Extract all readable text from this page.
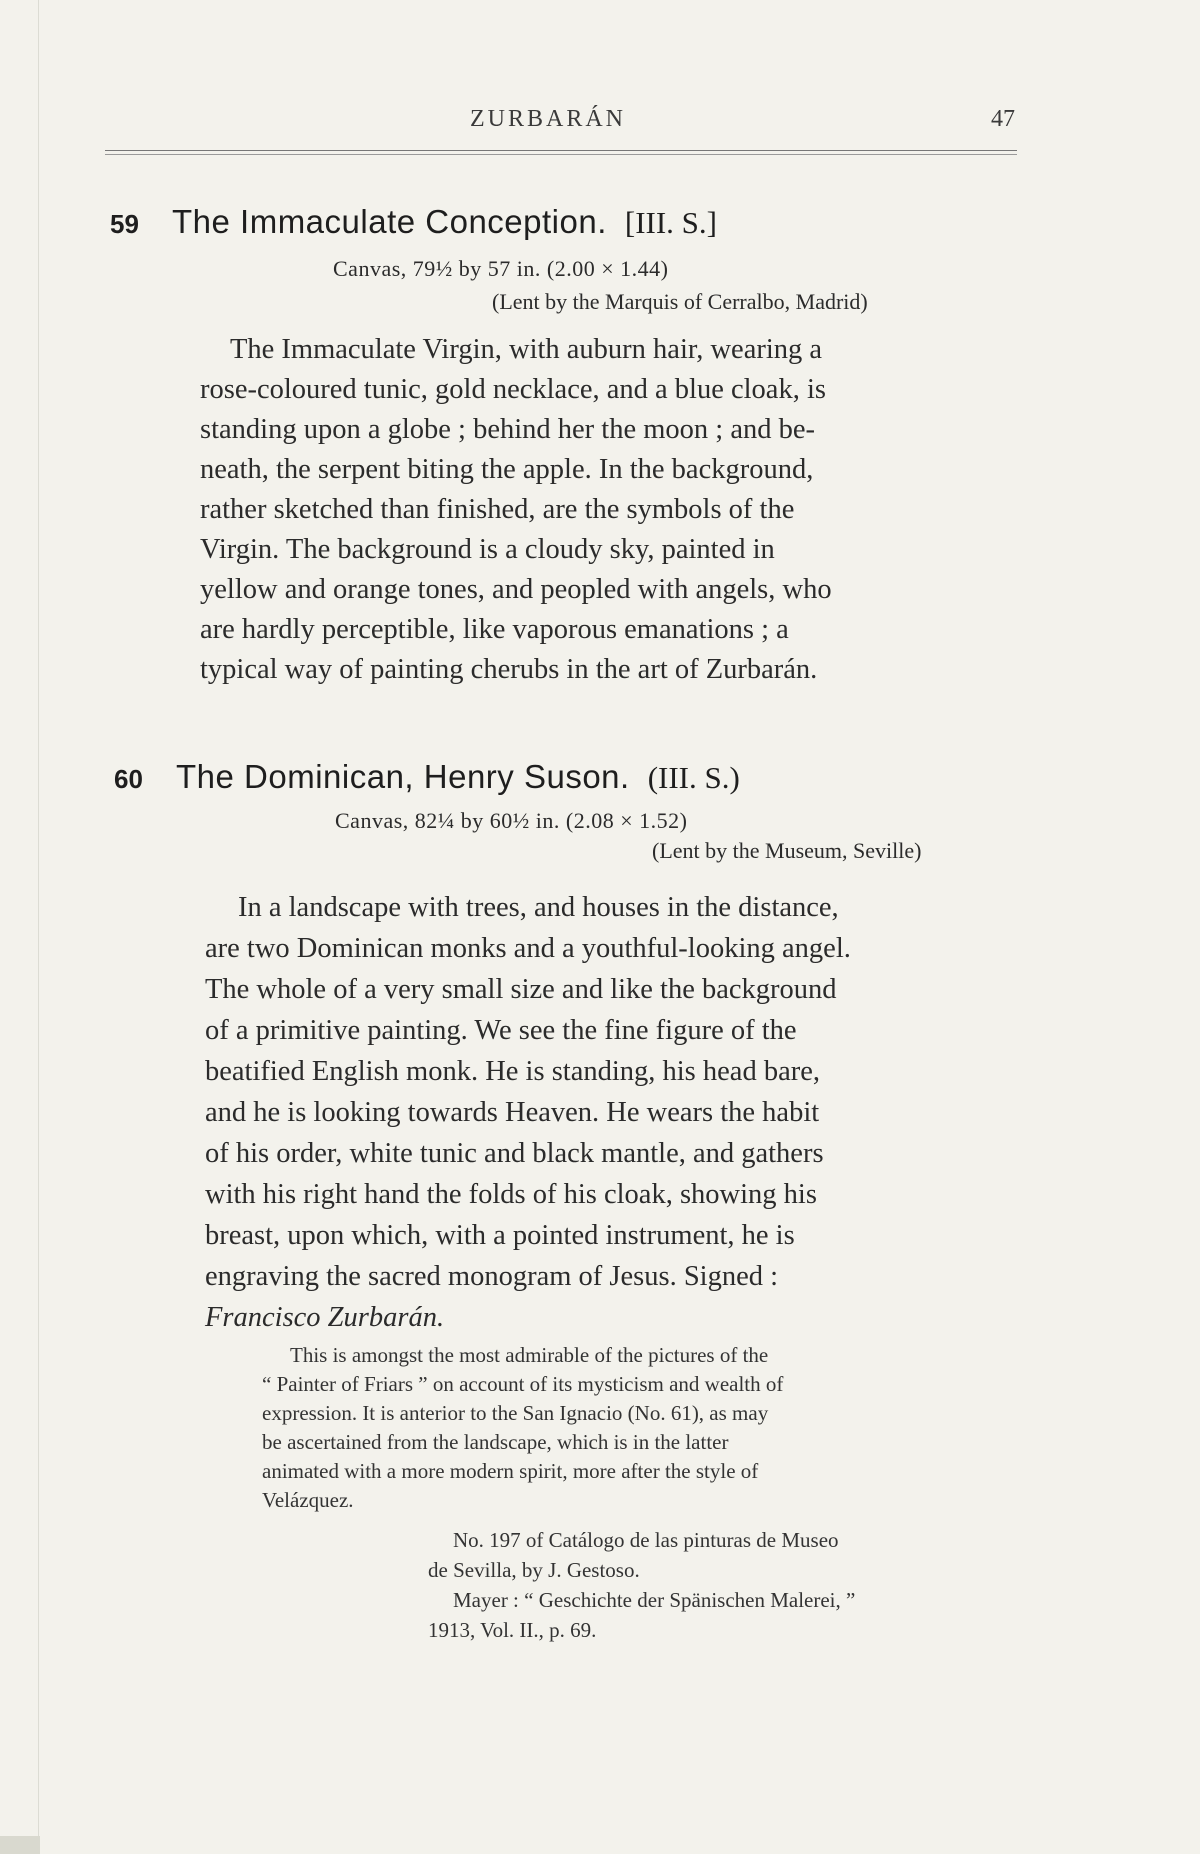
ZURBARÁN	47
59 The Immaculate Conception. [III. S.]
Canvas, 79½ by 57 in. (2.00 × 1.44)
(Lent by the Marquis of Cerralbo, Madrid)
The Immaculate Virgin, with auburn hair, wearing a
rose-coloured tunic, gold necklace, and a blue cloak, is
standing upon a globe ; behind her the moon ; and be-
neath, the serpent biting the apple. In the background,
rather sketched than finished, are the symbols of the
Virgin. The background is a cloudy sky, painted in
yellow and orange tones, and peopled with angels, who
are hardly perceptible, like vaporous emanations ; a
typical way of painting cherubs in the art of Zurbarán.
60 The Dominican, Henry Suson. (III. S.)
Canvas, 82¼ by 60½ in. (2.08 × 1.52)
(Lent by the Museum, Seville)
In a landscape with trees, and houses in the distance,
are two Dominican monks and a youthful-looking angel.
The whole of a very small size and like the background
of a primitive painting. We see the fine figure of the
beatified English monk. He is standing, his head bare,
and he is looking towards Heaven. He wears the habit
of his order, white tunic and black mantle, and gathers
with his right hand the folds of his cloak, showing his
breast, upon which, with a pointed instrument, he is
engraving the sacred monogram of Jesus. Signed :
Francisco Zurbarán.
This is amongst the most admirable of the pictures of the
“ Painter of Friars ” on account of its mysticism and wealth of
expression. It is anterior to the San Ignacio (No. 61), as may
be ascertained from the landscape, which is in the latter
animated with a more modern spirit, more after the style of
Velázquez.
No. 197 of Catálogo de las pinturas de Museo
de Sevilla, by J. Gestoso.
Mayer : “ Geschichte der Spänischen Malerei, ”
1913, Vol. II., p. 69.
